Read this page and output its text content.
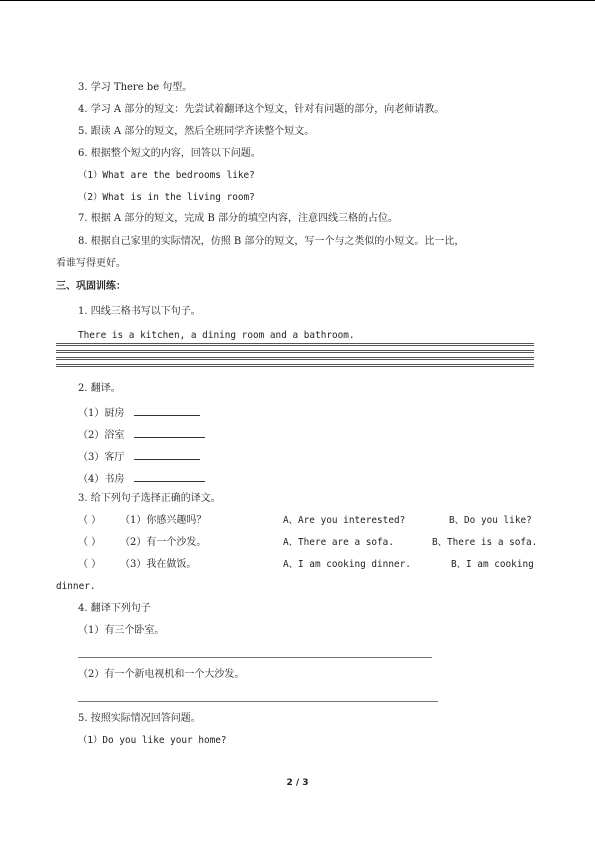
3. 学习 There be 句型。
4. 学习 A 部分的短文：先尝试着翻译这个短文，针对有问题的部分，向老师请教。
5. 跟读 A 部分的短文，然后全班同学齐读整个短文。
6. 根据整个短文的内容，回答以下问题。
（1）What are the bedrooms like?
（2）What is in the living room?
7. 根据 A 部分的短文，完成 B 部分的填空内容，注意四线三格的占位。
8. 根据自己家里的实际情况，仿照 B 部分的短文，写一个与之类似的小短文。比一比，
看谁写得更好。
三、巩固训练：
1. 四线三格书写以下句子。
There is a kitchen, a dining room and a bathroom.
2. 翻译。
（1）厨房
（2）浴室
（3）客厅
（4）书房
3. 给下列句子选择正确的译文。
（ ） （1）你感兴趣吗？	A、Are you interested?	B、Do you like?
（ ） （2）有一个沙发。	A、There are a sofa.	B、There is a sofa.
（ ） （3）我在做饭。	A、I am cooking dinner.	B、I am cooking
dinner.
4. 翻译下列句子
（1）有三个卧室。
（2）有一个新电视机和一个大沙发。
5. 按照实际情况回答问题。
（1）Do you like your home?
2 / 3
